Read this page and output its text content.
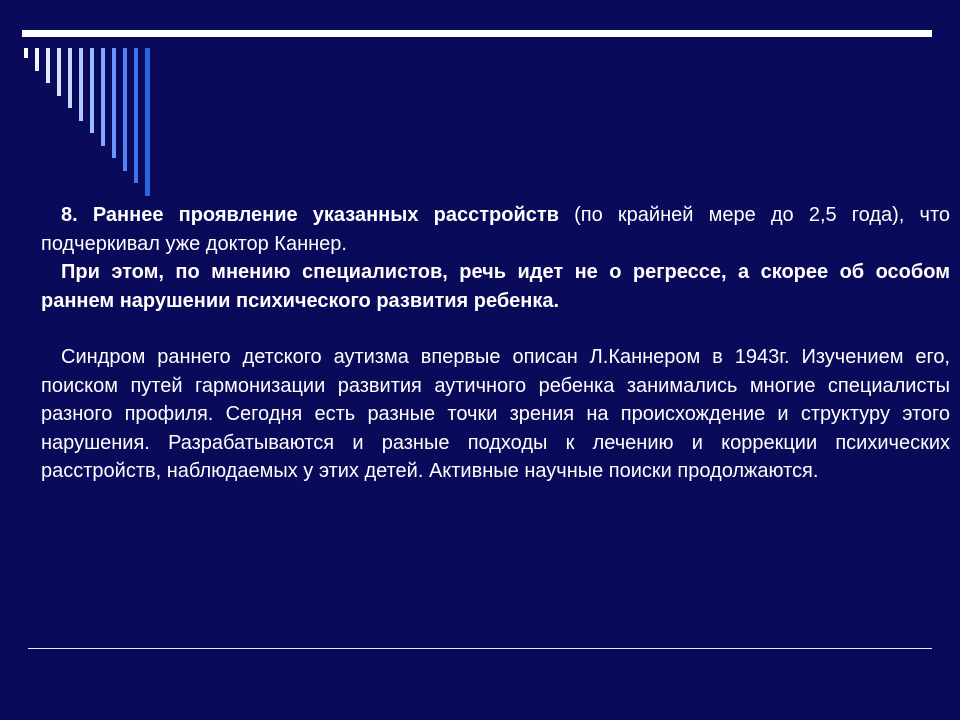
8. Раннее проявление указанных расстройств (по крайней мере до 2,5 года), что подчеркивал уже доктор Каннер.

При этом, по мнению специалистов, речь идет не о регрессе, а скорее об особом раннем нарушении психического развития ребенка.

Синдром раннего детского аутизма впервые описан Л.Каннером в 1943г. Изучением его, поиском путей гармонизации развития аутичного ребенка занимались многие специалисты разного профиля. Сегодня есть разные точки зрения на происхождение и структуру этого нарушения. Разрабатываются и разные подходы к лечению и коррекции психических расстройств, наблюдаемых у этих детей. Активные научные поиски продолжаются.
